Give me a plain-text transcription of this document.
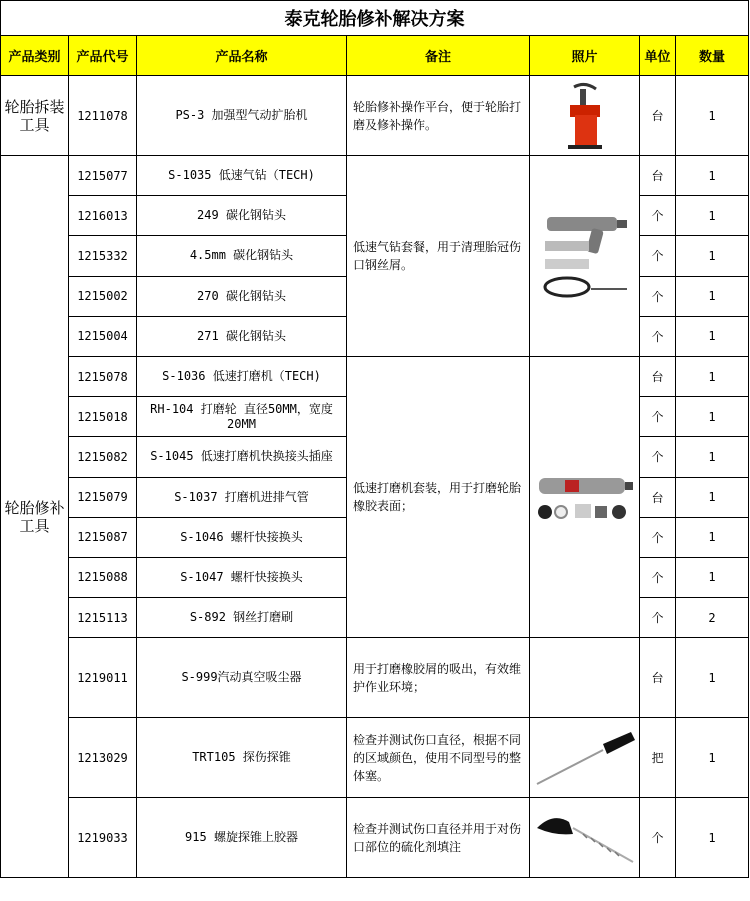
泰克轮胎修补解决方案						
产品类别	产品代号	产品名称	备注	照片	单位	数量
轮胎拆装工具	1211078	PS-3 加强型气动扩胎机	轮胎修补操作平台，便于轮胎打磨及修补操作。		台	1
轮胎修补工具	1215077	S-1035 低速气钻（TECH)	低速气钻套餐，用于清理胎冠伤口钢丝屑。		台	1
	1216013	249 碳化钢钻头			个	1
	1215332	4.5mm 碳化钢钻头			个	1
	1215002	270 碳化钢钻头			个	1
	1215004	271 碳化钢钻头			个	1
	1215078	S-1036 低速打磨机（TECH)	低速打磨机套装，用于打磨轮胎橡胶表面；		台	1
	1215018	RH-104 打磨轮 直径50MM，宽度20MM			个	1
	1215082	S-1045 低速打磨机快换接头插座			个	1
	1215079	S-1037 打磨机进排气管			台	1
	1215087	S-1046 螺杆快接换头			个	1
	1215088	S-1047 螺杆快接换头			个	1
	1215113	S-892 钢丝打磨刷			个	2
	1219011	S-999汽动真空吸尘器	用于打磨橡胶屑的吸出，有效维护作业环境；		台	1
	1213029	TRT105 探伤探锥	检查并测试伤口直径，根据不同的区域颜色，使用不同型号的整体塞。		把	1
	1219033	915 螺旋探锥上胶器	检查并测试伤口直径并用于对伤口部位的硫化剂填注		个	1
